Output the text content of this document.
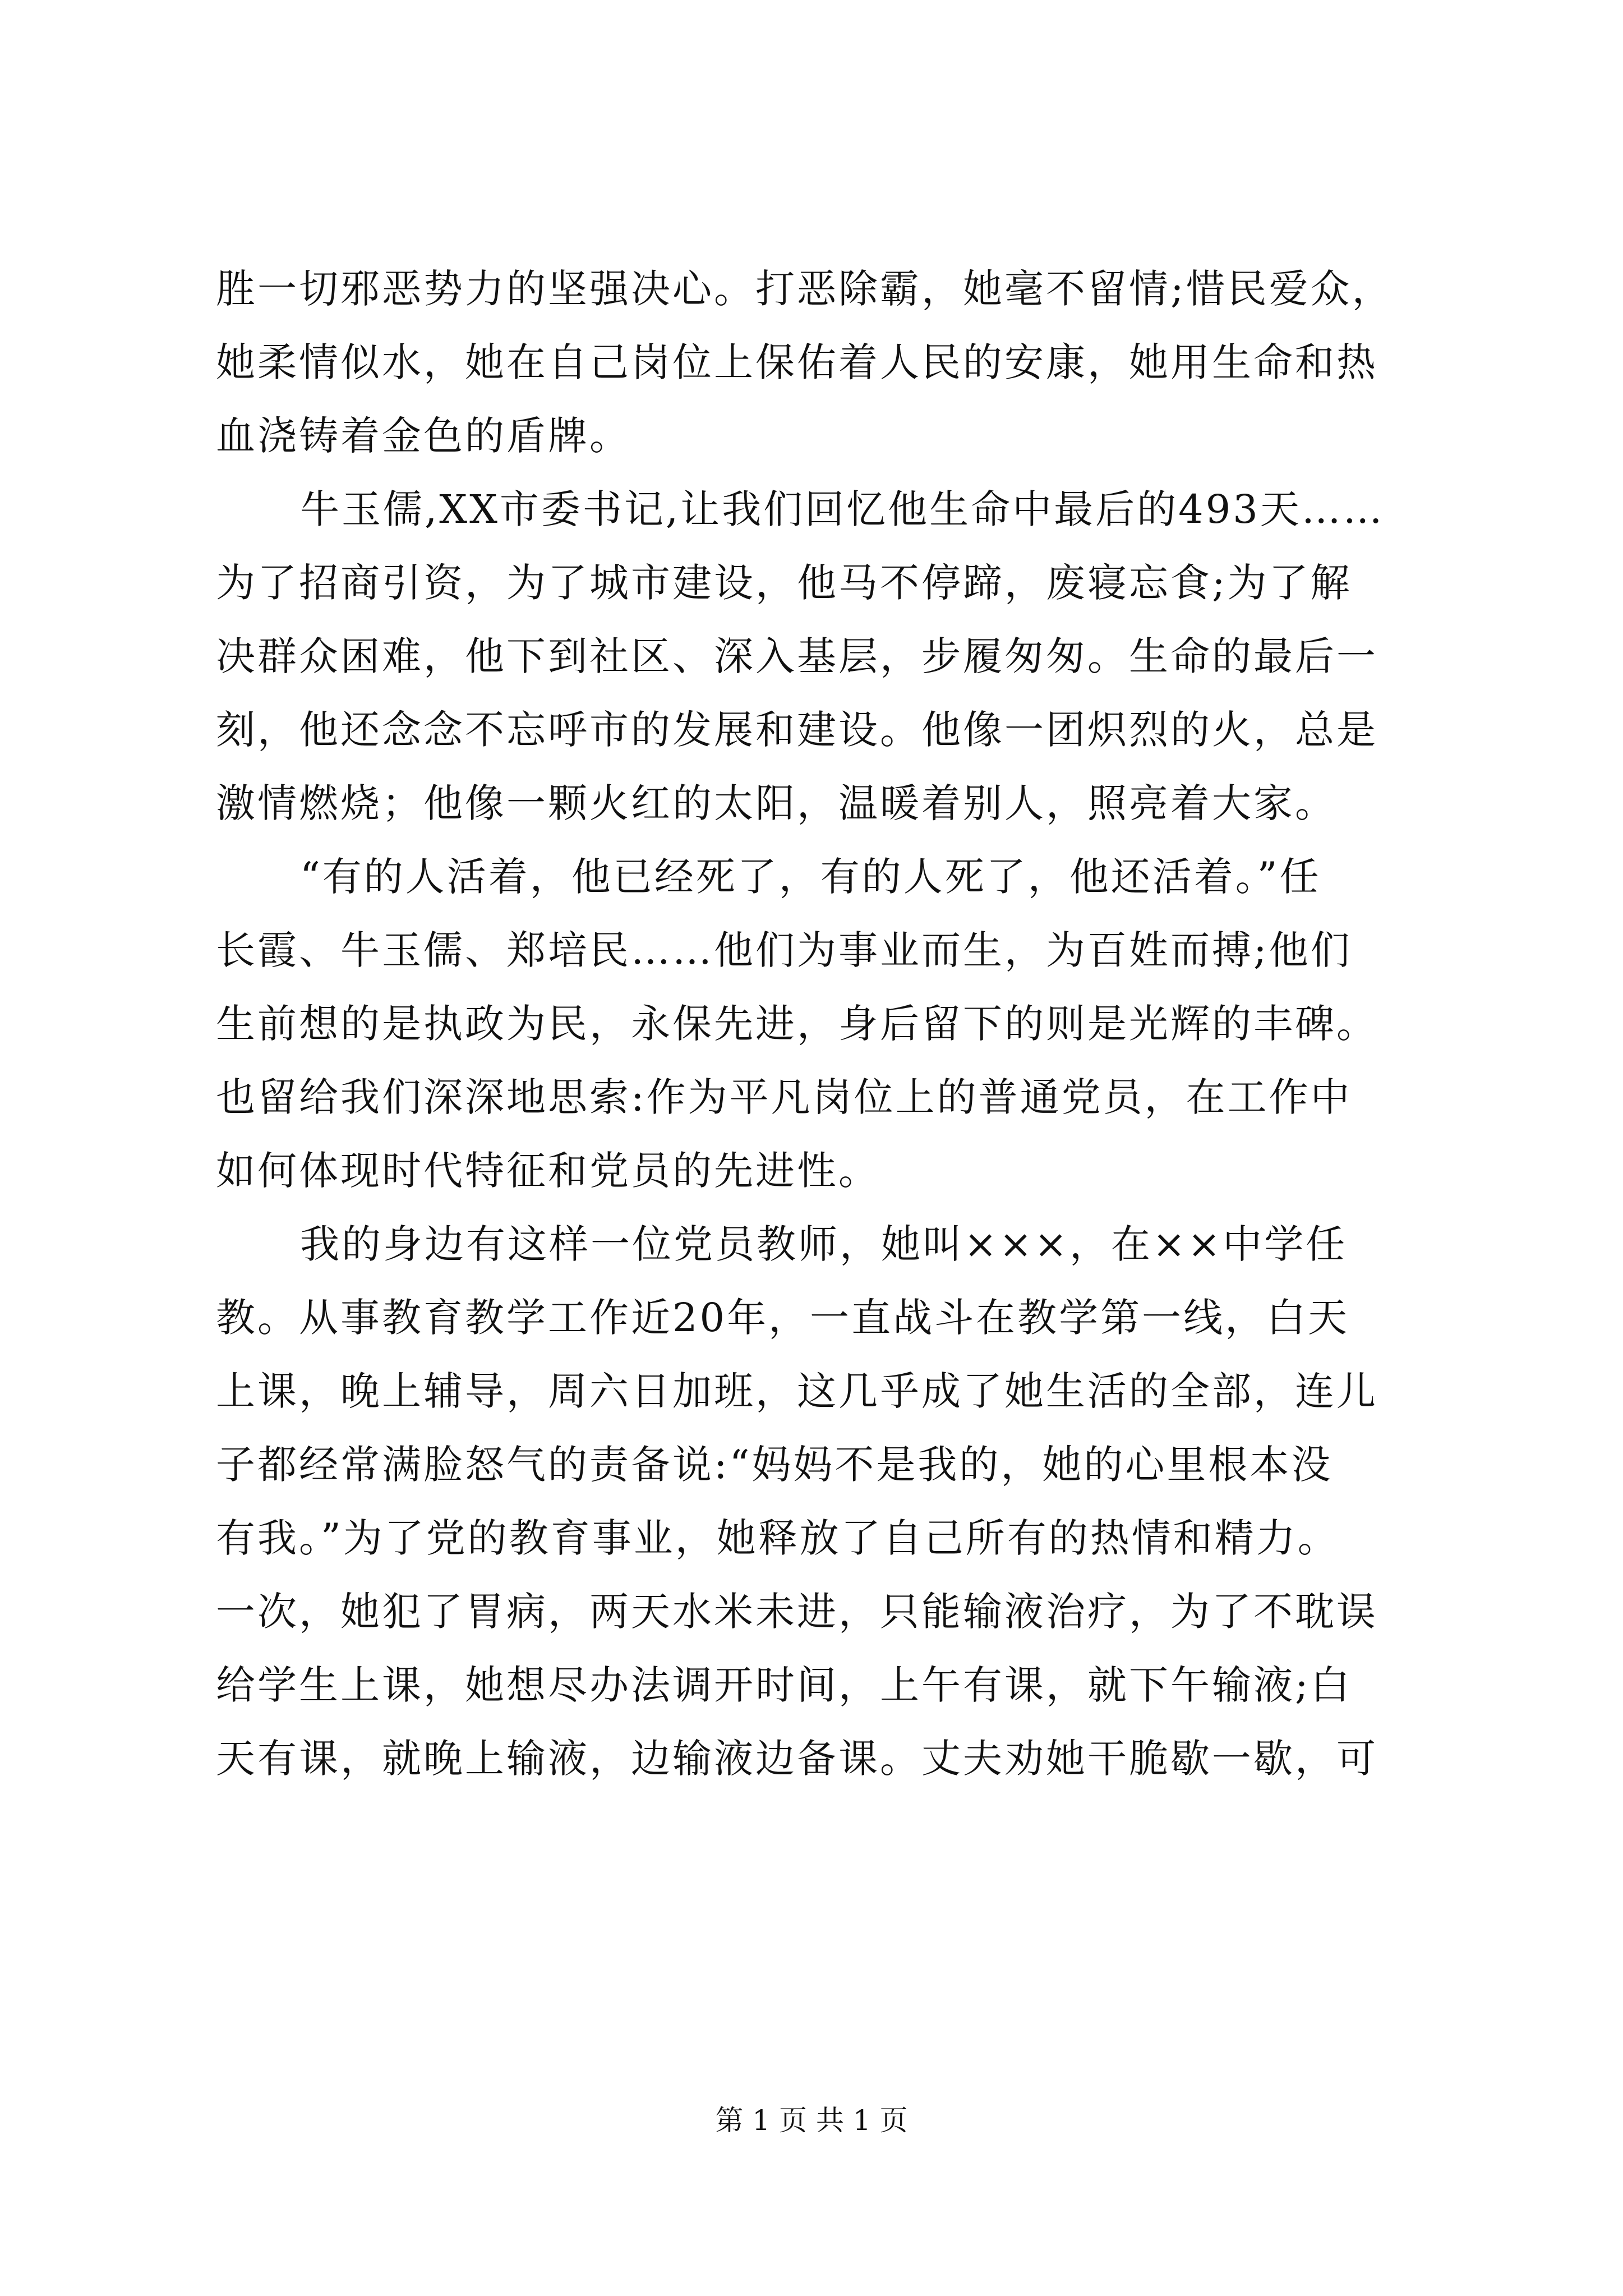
胜一切邪恶势力的坚强决心。打恶除霸，她毫不留情;惜民爱众，
她柔情似水，她在自己岗位上保佑着人民的安康，她用生命和热
血浇铸着金色的盾牌。
牛玉儒,XX市委书记,让我们回忆他生命中最后的493天……
为了招商引资，为了城市建设，他马不停蹄，废寝忘食;为了解
决群众困难，他下到社区、深入基层，步履匆匆。生命的最后一
刻，他还念念不忘呼市的发展和建设。他像一团炽烈的火，总是
激情燃烧；他像一颗火红的太阳，温暖着别人，照亮着大家。
“有的人活着，他已经死了，有的人死了，他还活着。”任
长霞、牛玉儒、郑培民……他们为事业而生，为百姓而搏;他们
生前想的是执政为民，永保先进，身后留下的则是光辉的丰碑。
也留给我们深深地思索:作为平凡岗位上的普通党员，在工作中
如何体现时代特征和党员的先进性。
我的身边有这样一位党员教师，她叫×××，在××中学任
教。从事教育教学工作近20年，一直战斗在教学第一线，白天
上课，晚上辅导，周六日加班，这几乎成了她生活的全部，连儿
子都经常满脸怒气的责备说:“妈妈不是我的，她的心里根本没
有我。”为了党的教育事业，她释放了自己所有的热情和精力。
一次，她犯了胃病，两天水米未进，只能输液治疗，为了不耽误
给学生上课，她想尽办法调开时间，上午有课，就下午输液;白
天有课，就晚上输液，边输液边备课。丈夫劝她干脆歇一歇，可
第 1 页 共 1 页
